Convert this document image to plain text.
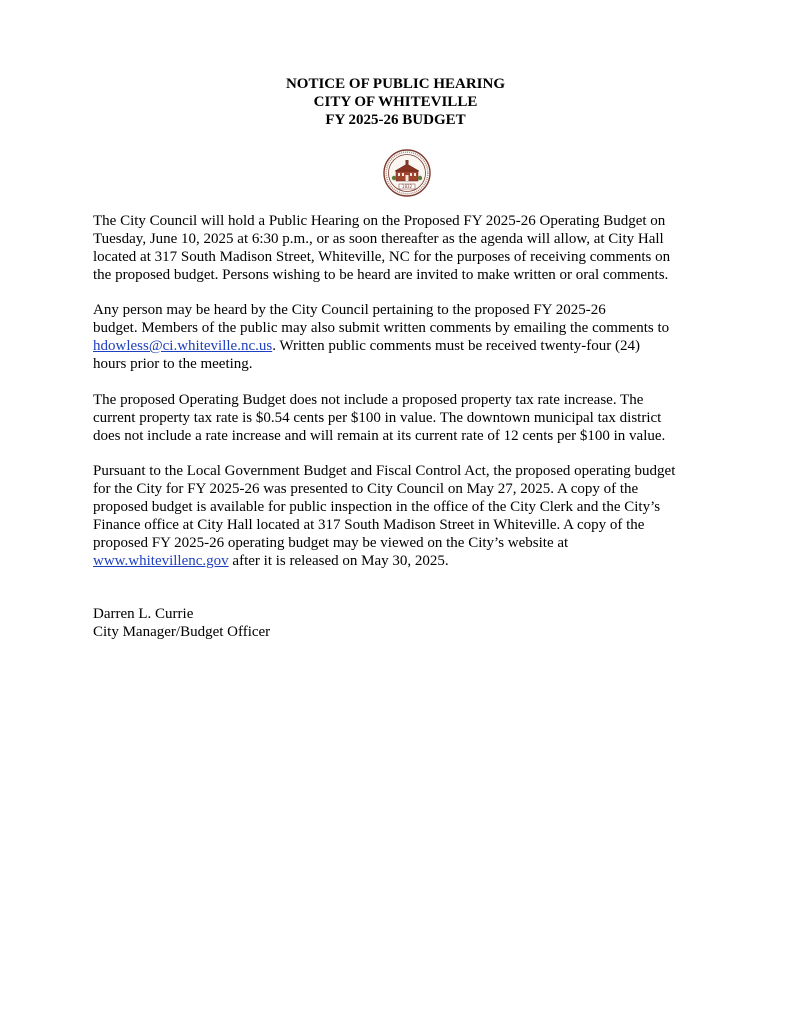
NOTICE OF PUBLIC HEARING
CITY OF WHITEVILLE
FY 2025-26 BUDGET
1832

The City Council will hold a Public Hearing on the Proposed FY 2025-26 Operating Budget on
Tuesday, June 10, 2025 at 6:30 p.m., or as soon thereafter as the agenda will allow, at City Hall
located at 317 South Madison Street, Whiteville, NC for the purposes of receiving comments on
the proposed budget. Persons wishing to be heard are invited to make written or oral comments.

Any person may be heard by the City Council pertaining to the proposed FY 2025-26
budget. Members of the public may also submit written comments by emailing the comments to
hdowless@ci.whiteville.nc.us. Written public comments must be received twenty-four (24)
hours prior to the meeting.

The proposed Operating Budget does not include a proposed property tax rate increase. The
current property tax rate is $0.54 cents per $100 in value. The downtown municipal tax district
does not include a rate increase and will remain at its current rate of 12 cents per $100 in value.

Pursuant to the Local Government Budget and Fiscal Control Act, the proposed operating budget
for the City for FY 2025-26 was presented to City Council on May 27, 2025. A copy of the
proposed budget is available for public inspection in the office of the City Clerk and the City’s
Finance office at City Hall located at 317 South Madison Street in Whiteville. A copy of the
proposed FY 2025-26 operating budget may be viewed on the City’s website at
www.whitevillenc.gov after it is released on May 30, 2025.

Darren L. Currie
City Manager/Budget Officer
